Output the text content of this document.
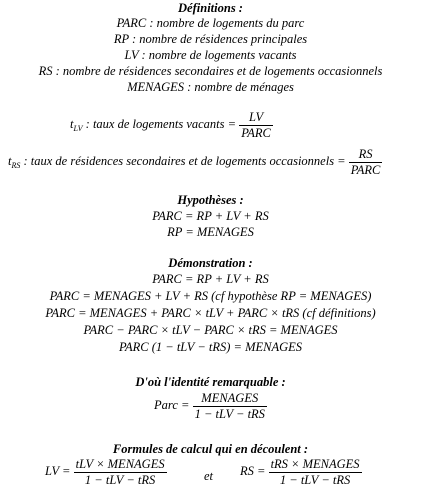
Définitions :
PARC : nombre de logements du parc
RP : nombre de résidences principales
LV : nombre de logements vacants
RS : nombre de résidences secondaires et de logements occasionnels
MENAGES : nombre de ménages
$t_{LV}$ : taux de logements vacants = $\frac{LV}{\text{PARC}}$
$t_{RS}$ : taux de résidences secondaires et de logements occasionnels = $\frac{RS}{\text{PARC}}$
Hypothèses :
PARC = RP + LV + RS
RP = MENAGES
Démonstration :
PARC = RP + LV + RS
PARC = MENAGES + LV + RS (cf hypothèse RP = MENAGES)
PARC = MENAGES + PARC × tLV + PARC × tRS (cf définitions)
PARC − PARC × tLV − PARC × tRS = MENAGES
PARC (1 − tLV − tRS) = MENAGES
D'où l'identité remarquable :
Parc = $\frac{\text{MENAGES}}{\text{1 − tLV − tRS}}$
Formules de calcul qui en découlent :
LV = $\frac{\text{tLV × MENAGES}}{\text{1 − tLV − tRS}}$	et RS = $\frac{\text{tRS × MENAGES}}{\text{1 − tLV − tRS}}$
